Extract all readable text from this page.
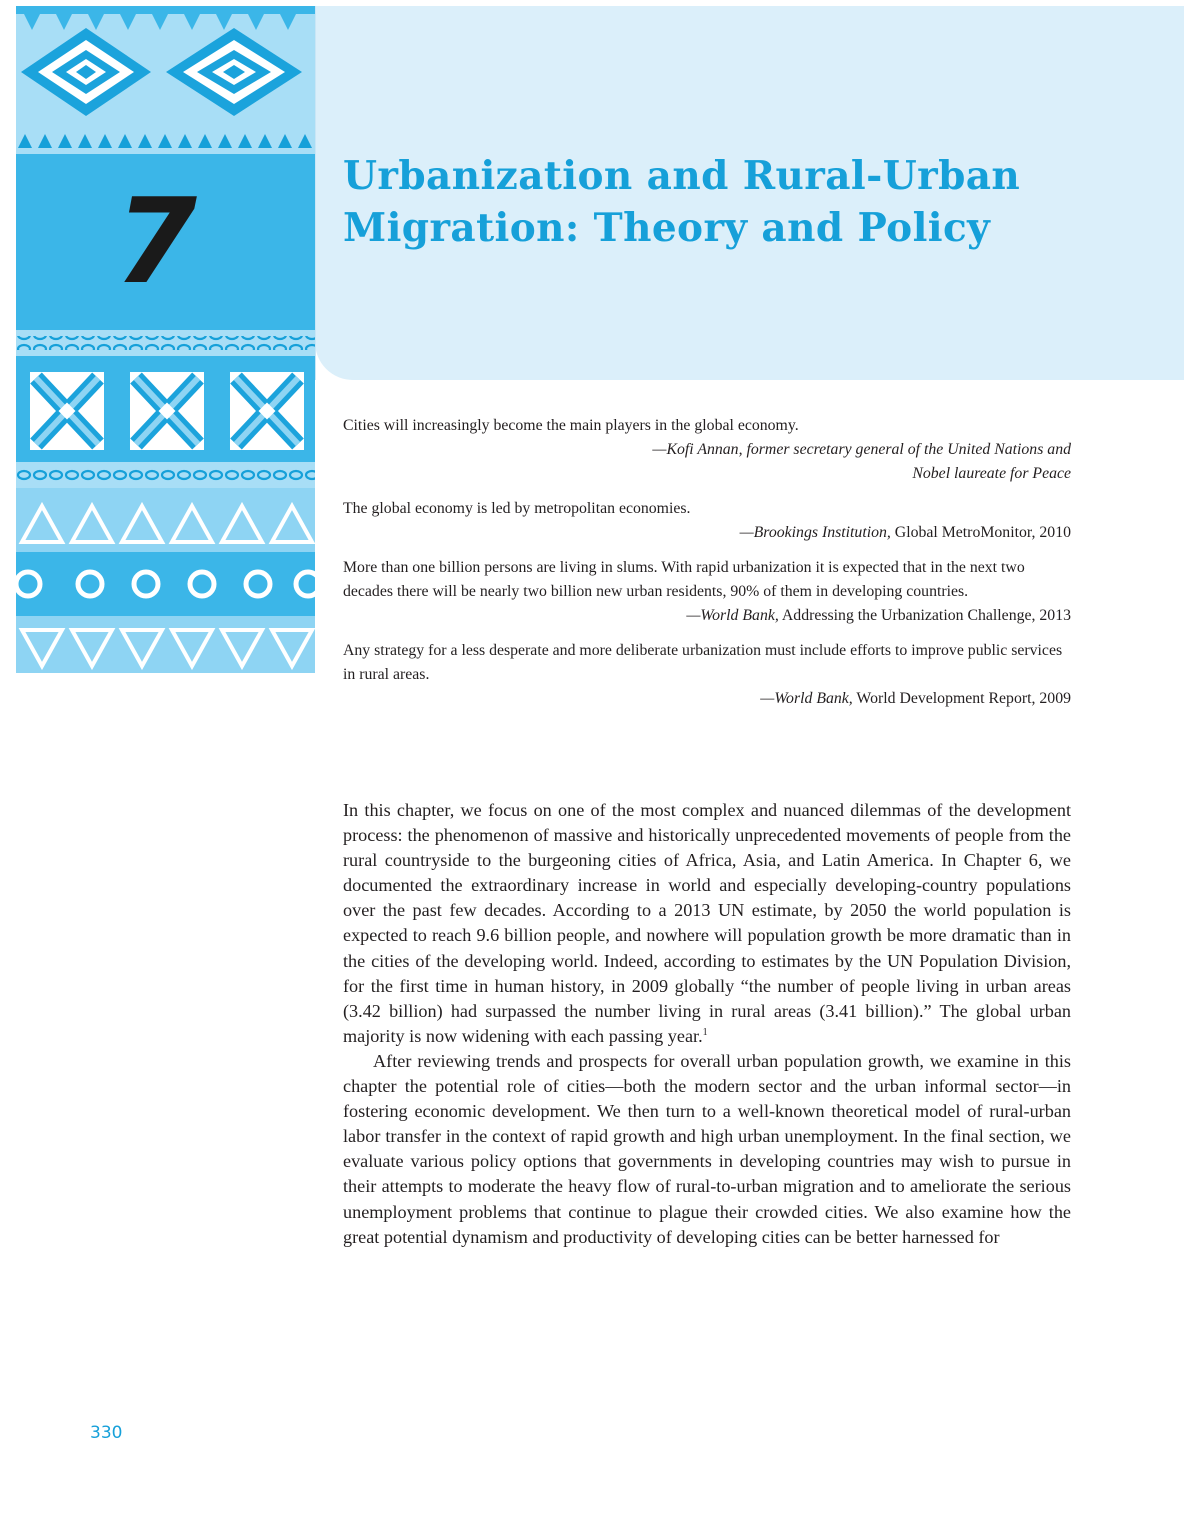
Urbanization and Rural-Urban
Migration: Theory and Policy
7

Cities will increasingly become the main players in the global economy.

—Kofi Annan, former secretary general of the United Nations and

Nobel laureate for Peace

The global economy is led by metropolitan economies.

—Brookings Institution, Global MetroMonitor, 2010

More than one billion persons are living in slums. With rapid urbanization it is expected that in the next two decades there will be nearly two billion new urban residents, 90% of them in developing countries.

—World Bank, Addressing the Urbanization Challenge, 2013

Any strategy for a less desperate and more deliberate urbanization must include efforts to improve public services in rural areas.

—World Bank, World Development Report, 2009

In this chapter, we focus on one of the most complex and nuanced dilemmas of the development process: the phenomenon of massive and historically unprecedented movements of people from the rural countryside to the burgeoning cities of Africa, Asia, and Latin America. In Chapter 6, we documented the extraordinary increase in world and especially developing-country populations over the past few decades. According to a 2013 UN estimate, by 2050 the world population is expected to reach 9.6 billion people, and nowhere will population growth be more dramatic than in the cities of the developing world. Indeed, according to estimates by the UN Population Division, for the first time in human history, in 2009 globally “the number of people living in urban areas (3.42 billion) had surpassed the number living in rural areas (3.41 billion).” The global urban majority is now widening with each passing year.$^1$

After reviewing trends and prospects for overall urban population growth, we examine in this chapter the potential role of cities—both the modern sector and the urban informal sector—in fostering economic development. We then turn to a well-known theoretical model of rural-urban labor transfer in the context of rapid growth and high urban unemployment. In the final section, we evaluate various policy options that governments in developing countries may wish to pursue in their attempts to moderate the heavy flow of rural-to-urban migration and to ameliorate the serious unemployment problems that continue to plague their crowded cities. We also examine how the great potential dynamism and productivity of developing cities can be better harnessed for

330
